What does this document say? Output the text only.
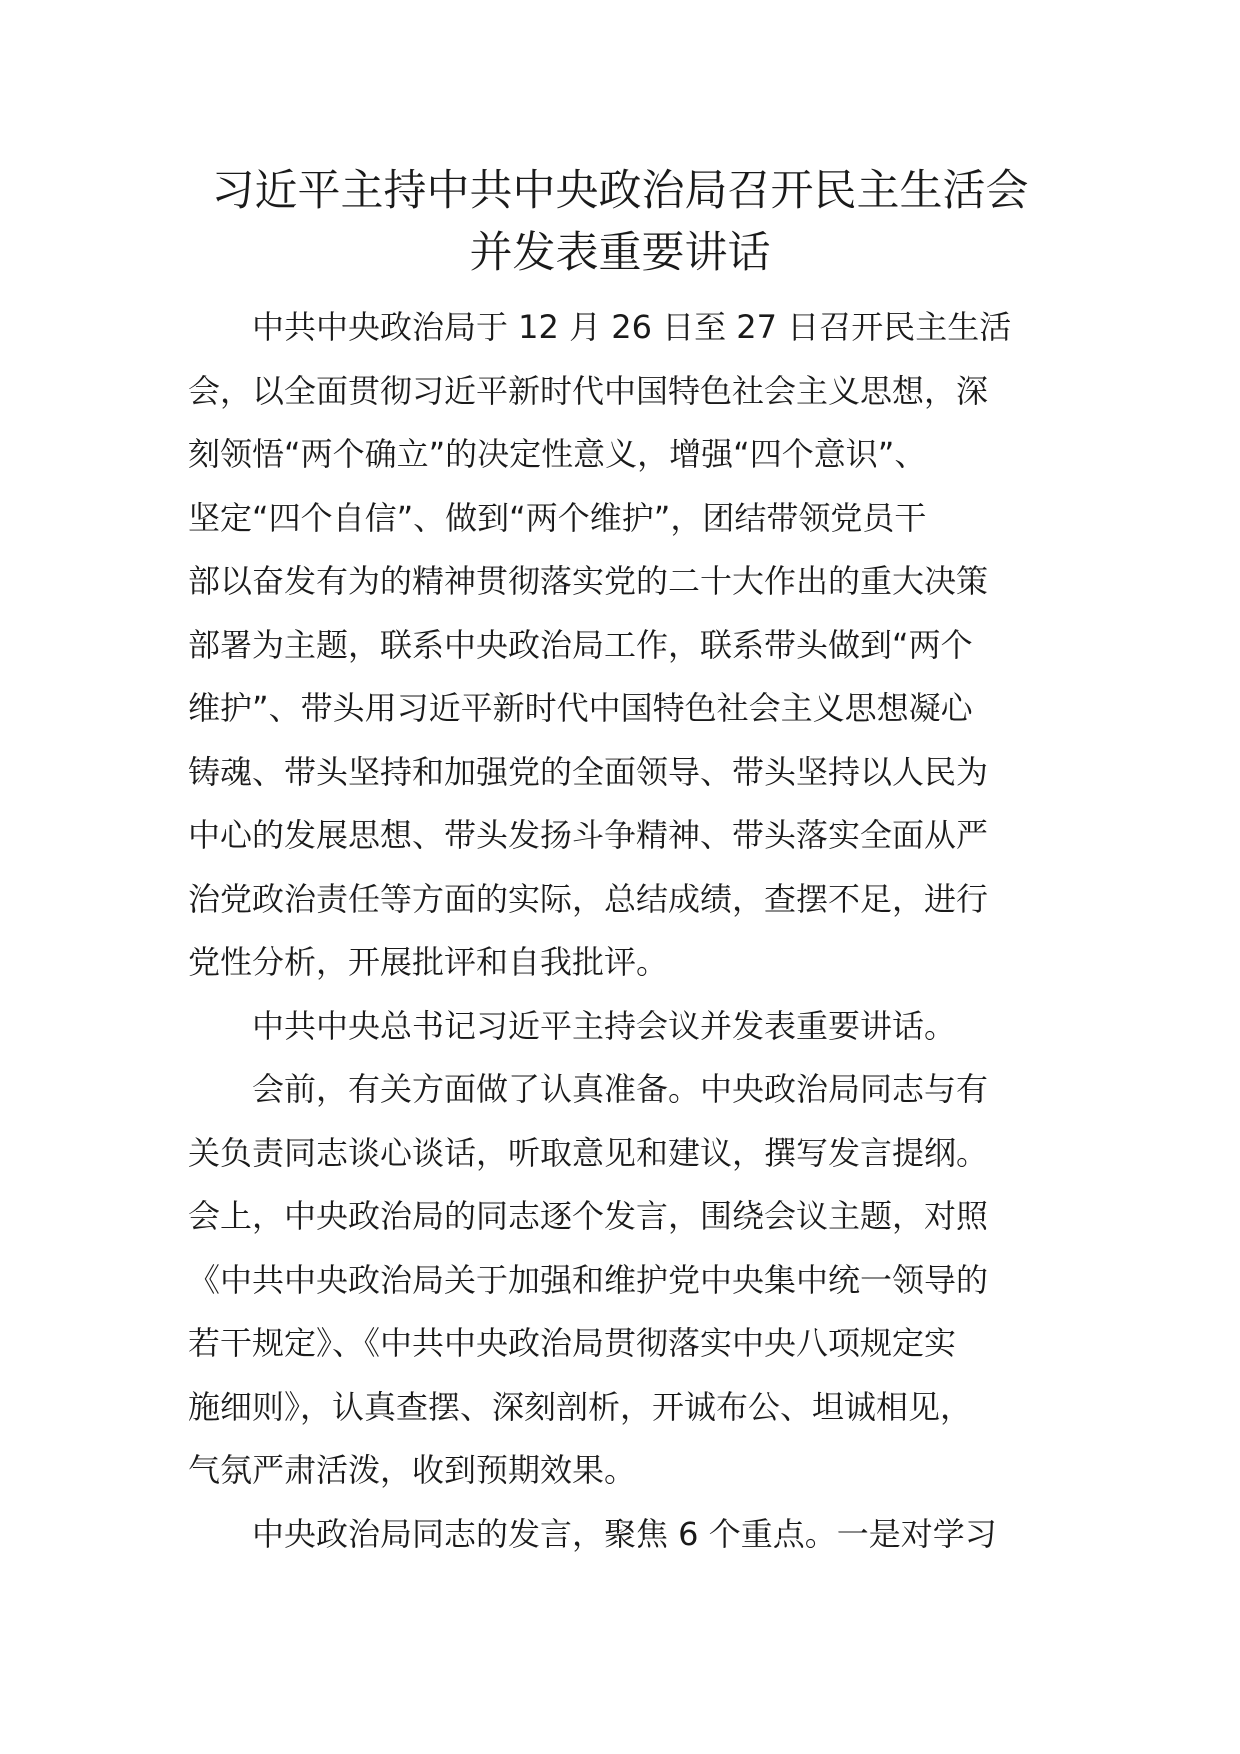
习近平主持中共中央政治局召开民主生活会

并发表重要讲话

中共中央政治局于 12 月 26 日至 27 日召开民主生活
会，以全面贯彻习近平新时代中国特色社会主义思想，深
刻领悟“两个确立”的决定性意义，增强“四个意识”、
坚定“四个自信”、做到“两个维护”，团结带领党员干
部以奋发有为的精神贯彻落实党的二十大作出的重大决策
部署为主题，联系中央政治局工作，联系带头做到“两个
维护”、带头用习近平新时代中国特色社会主义思想凝心
铸魂、带头坚持和加强党的全面领导、带头坚持以人民为
中心的发展思想、带头发扬斗争精神、带头落实全面从严
治党政治责任等方面的实际，总结成绩，查摆不足，进行
党性分析，开展批评和自我批评。
中共中央总书记习近平主持会议并发表重要讲话。
会前，有关方面做了认真准备。中央政治局同志与有
关负责同志谈心谈话，听取意见和建议，撰写发言提纲。
会上，中央政治局的同志逐个发言，围绕会议主题，对照
《中共中央政治局关于加强和维护党中央集中统一领导的
若干规定》、《中共中央政治局贯彻落实中央八项规定实
施细则》，认真查摆、深刻剖析，开诚布公、坦诚相见，
气氛严肃活泼，收到预期效果。
中央政治局同志的发言，聚焦 6 个重点。一是对学习
